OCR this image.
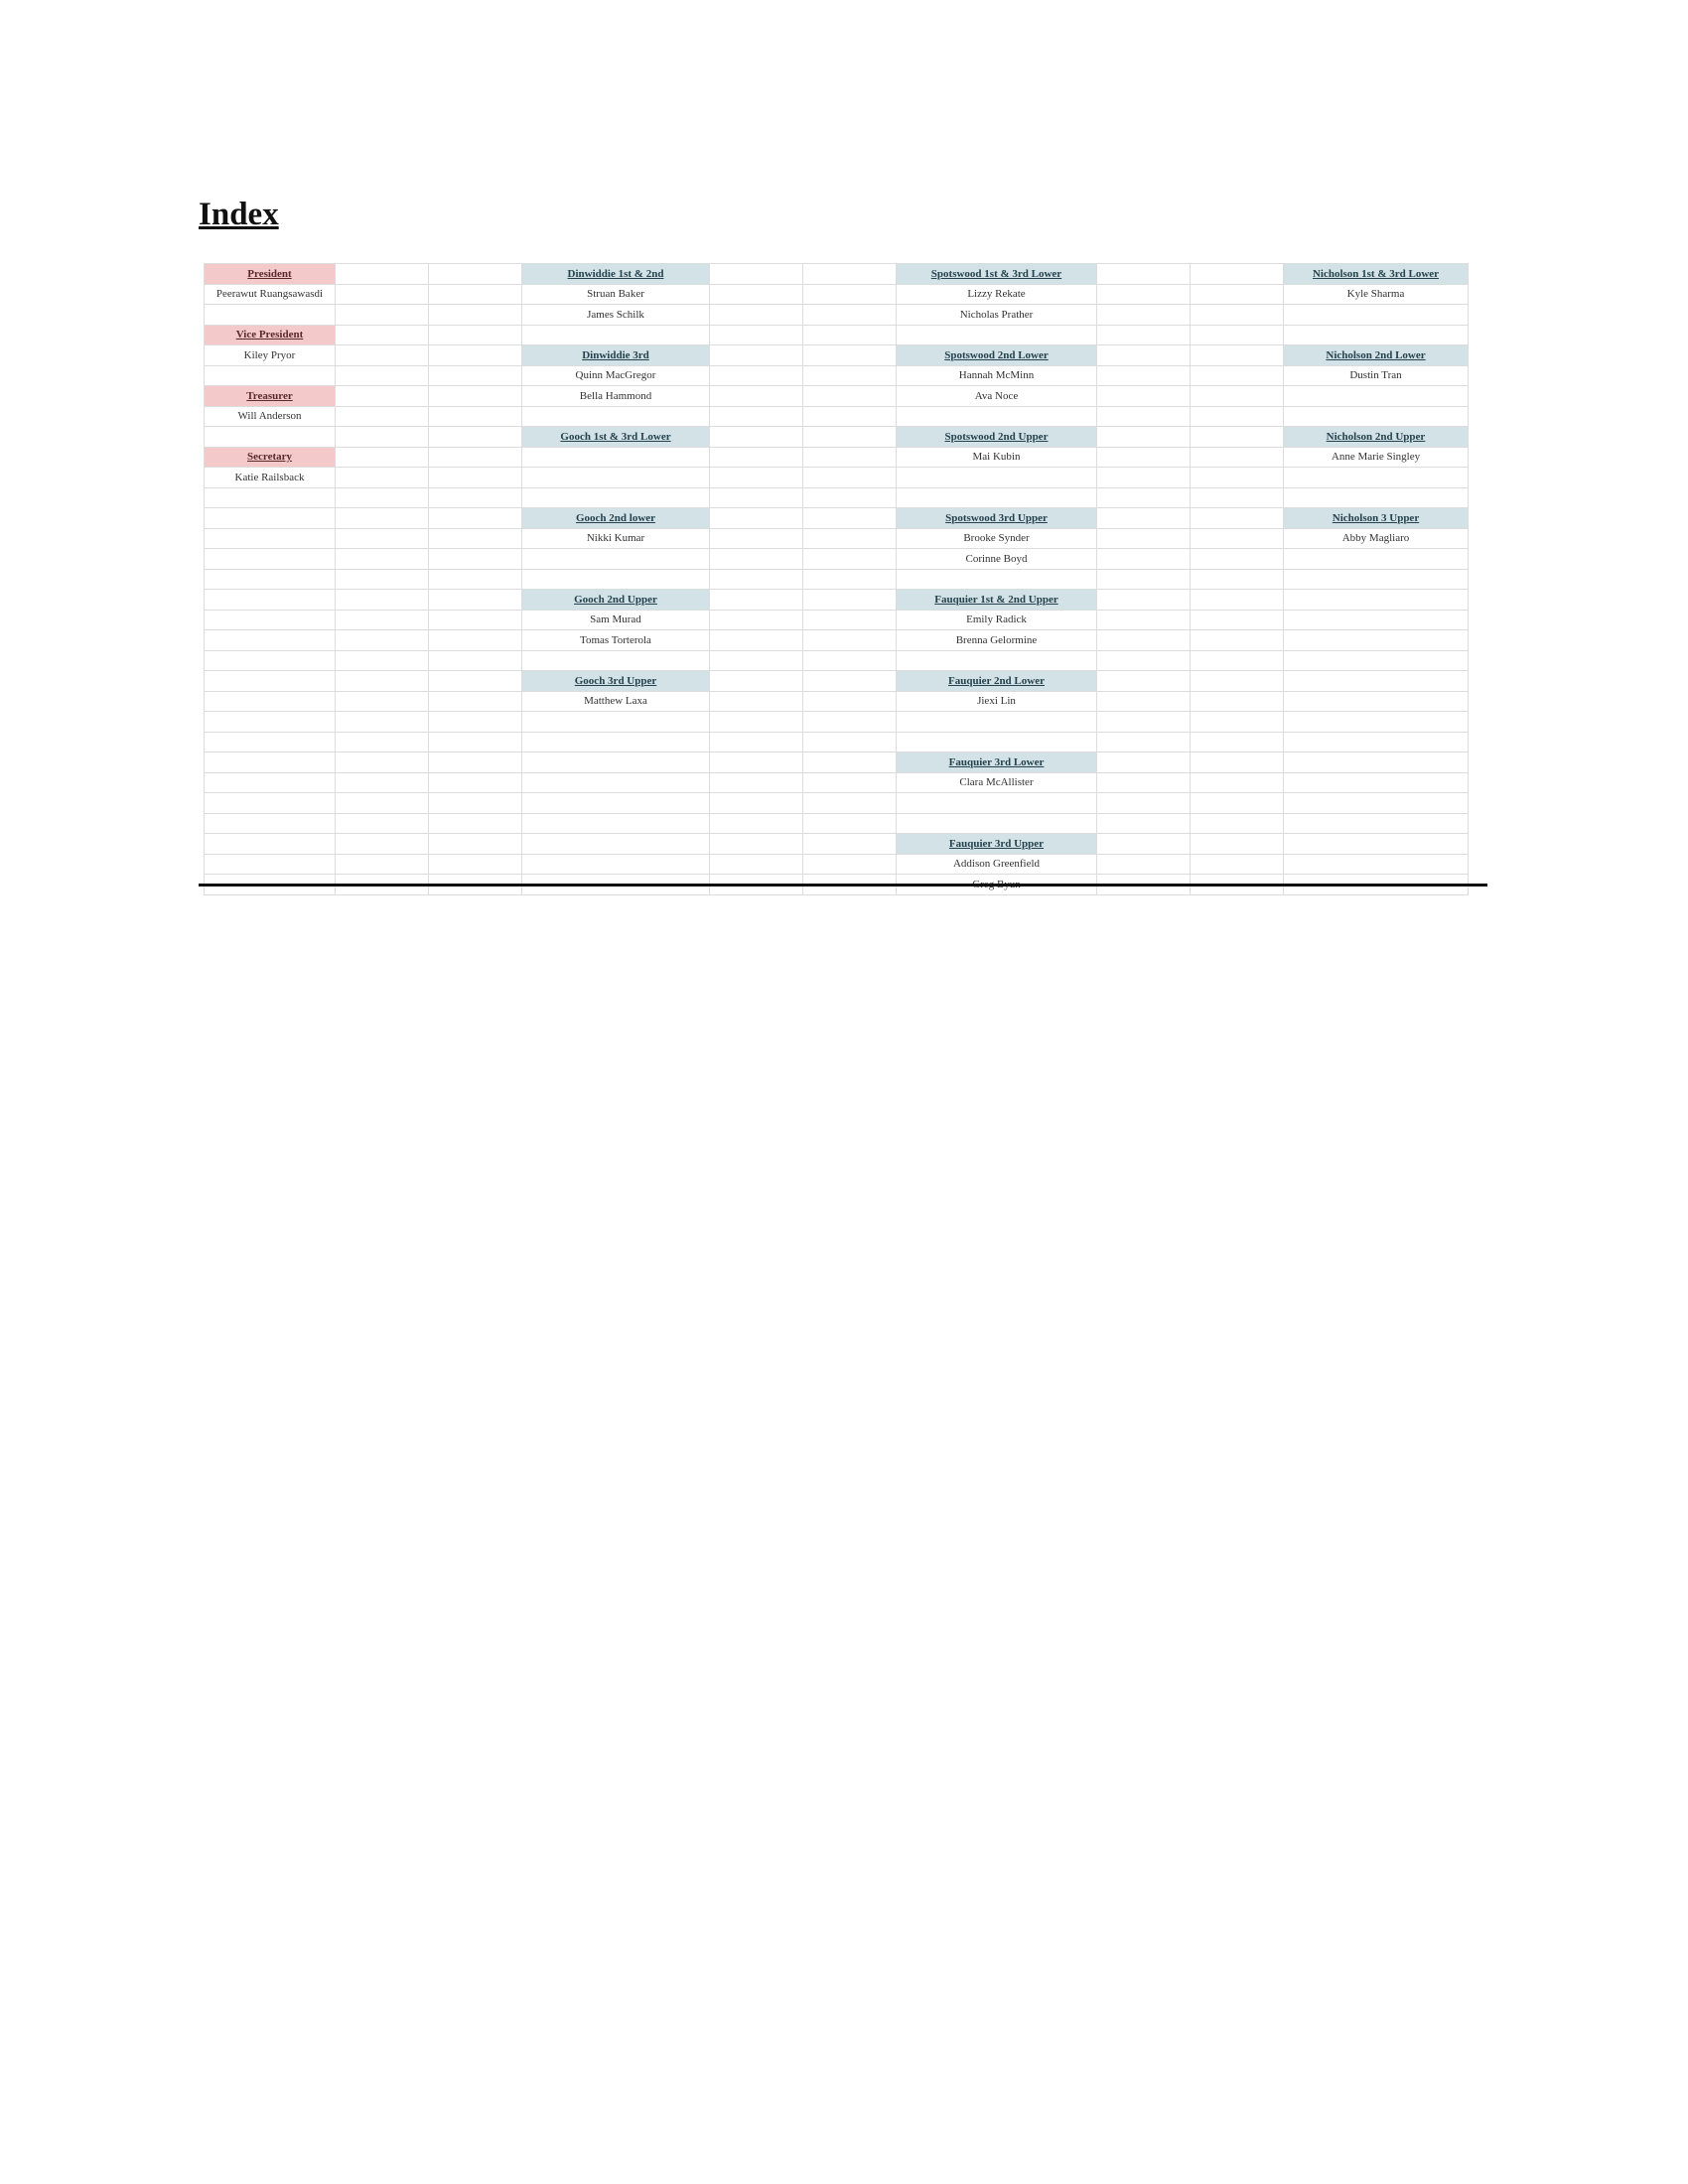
Index
President			Dinwiddie 1st & 2nd			Spotswood 1st & 3rd Lower			Nicholson 1st & 3rd Lower
Peerawut Ruangsawasdi			Struan Baker			Lizzy Rekate			Kyle Sharma
			James Schilk			Nicholas Prather			
Vice President									
Kiley Pryor			Dinwiddie 3rd			Spotswood 2nd Lower			Nicholson 2nd Lower
			Quinn MacGregor			Hannah McMinn			Dustin Tran
Treasurer			Bella Hammond			Ava Noce			
Will Anderson									
			Gooch 1st & 3rd Lower			Spotswood 2nd Upper			Nicholson 2nd Upper
Secretary						Mai Kubin			Anne Marie Singley
Katie Railsback									

			Gooch 2nd lower			Spotswood 3rd Upper			Nicholson 3 Upper
			Nikki Kumar			Brooke Synder			Abby Magliaro
						Corinne Boyd			

			Gooch 2nd Upper			Fauquier 1st & 2nd Upper			
			Sam Murad			Emily Radick			
			Tomas Torterola			Brenna Gelormine			

			Gooch 3rd Upper			Fauquier 2nd Lower			
			Matthew Laxa			Jiexi Lin			

						Fauquier 3rd Lower			
						Clara McAllister			

						Fauquier 3rd Upper			
						Addison Greenfield			
						Greg Byun			
